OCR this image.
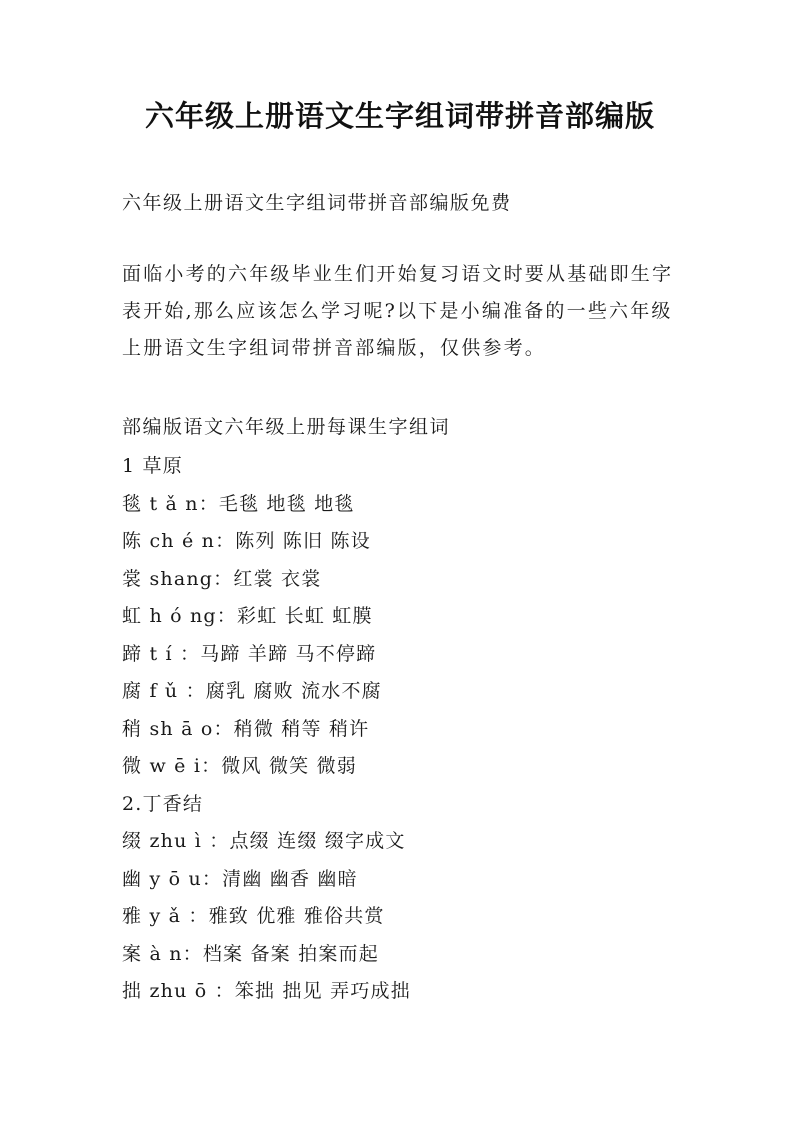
六年级上册语文生字组词带拼音部编版
六年级上册语文生字组词带拼音部编版免费
面临小考的六年级毕业生们开始复习语文时要从基础即生字表开始,那么应该怎么学习呢?以下是小编准备的一些六年级上册语文生字组词带拼音部编版，仅供参考。
部编版语文六年级上册每课生字组词
1 草原
毯 t ǎ n：毛毯 地毯 地毯
陈 ch é n：陈列 陈旧 陈设
裳 shang：红裳 衣裳
虹 h ó ng：彩虹 长虹 虹膜
蹄 t í ：马蹄 羊蹄 马不停蹄
腐 f ǔ ：腐乳 腐败 流水不腐
稍 sh ā o：稍微 稍等 稍许
微 w ē i：微风 微笑 微弱
2.丁香结
缀 zhu ì ：点缀 连缀 缀字成文
幽 y ō u：清幽 幽香 幽暗
雅 y ǎ ：雅致 优雅 雅俗共赏
案 à n：档案 备案 拍案而起
拙 zhu ō ：笨拙 拙见 弄巧成拙
